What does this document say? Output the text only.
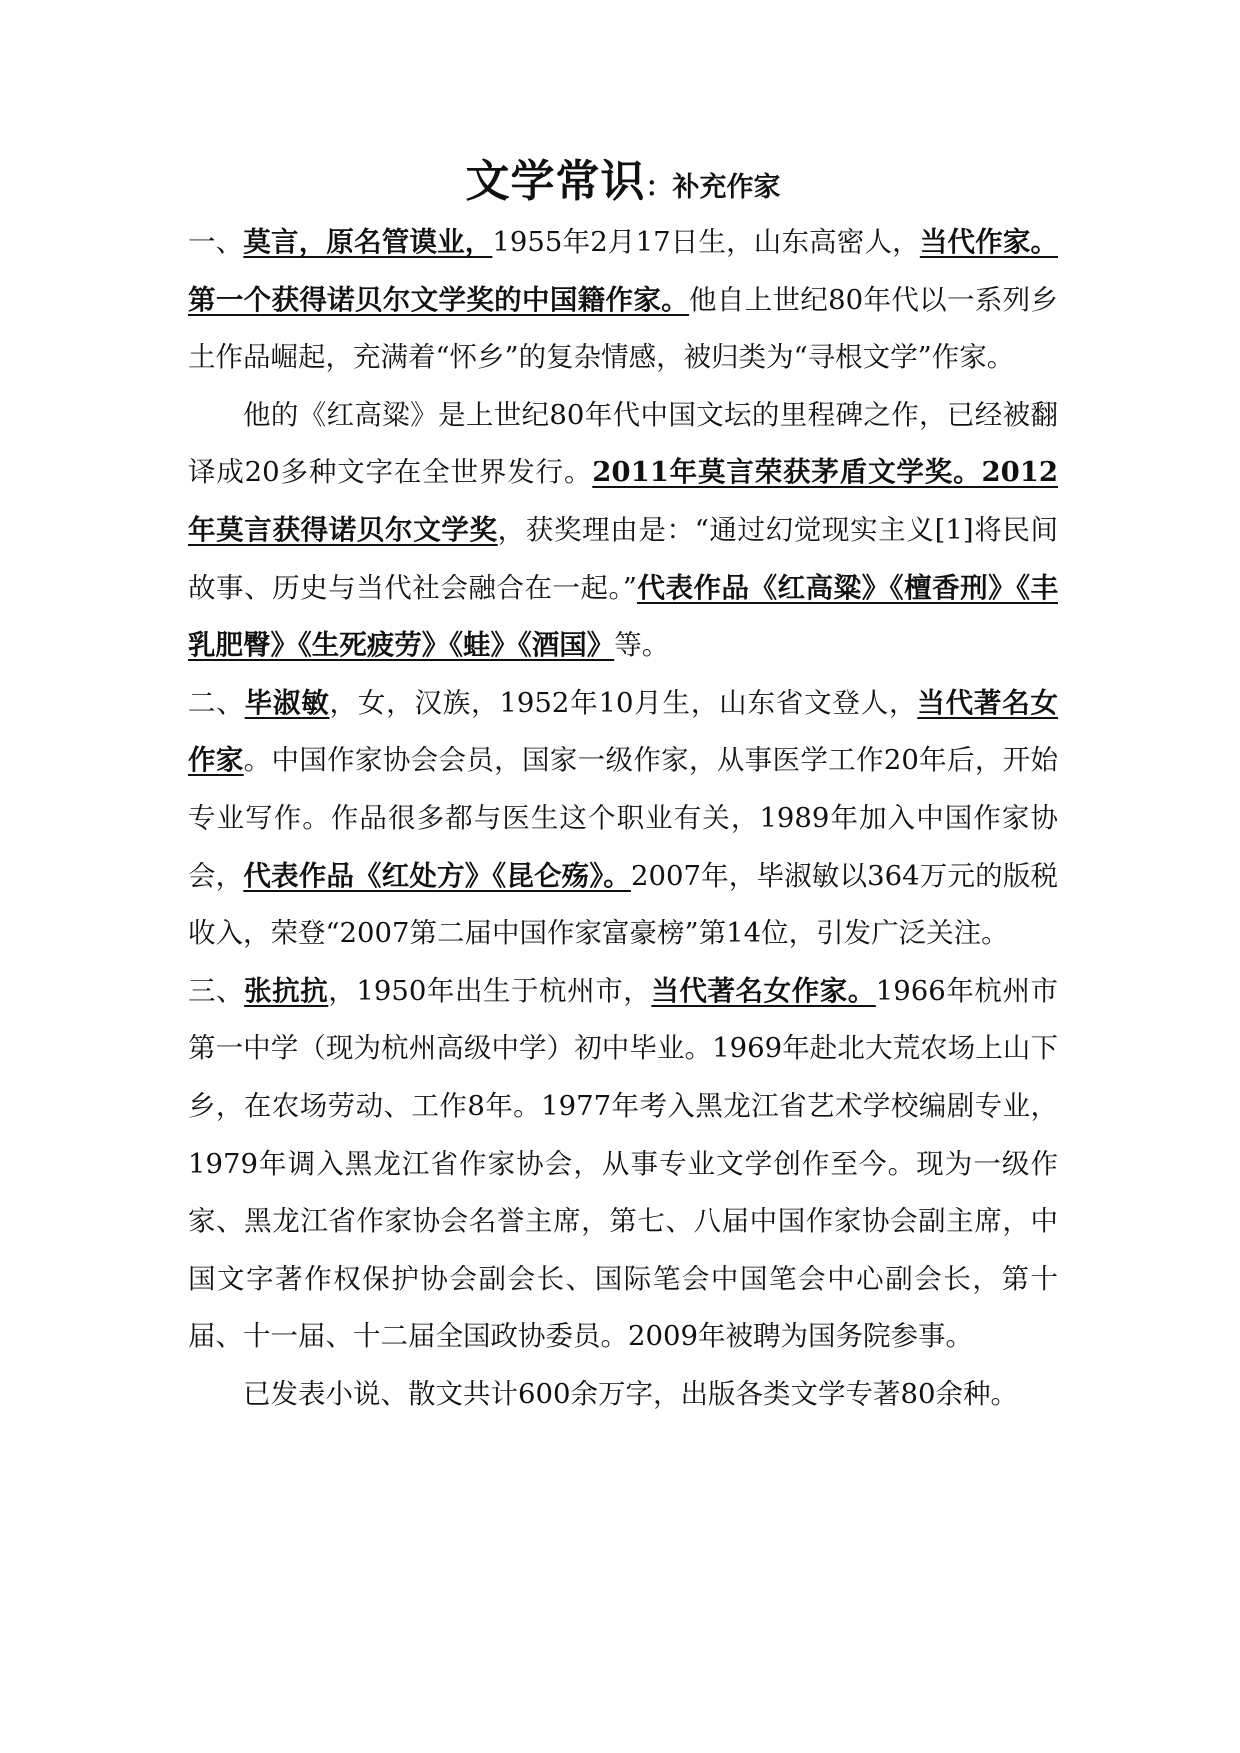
文学常识：补充作家

一、莫言，原名管谟业，1955年2月17日生，山东高密人，当代作家。第一个获得诺贝尔文学奖的中国籍作家。他自上世纪80年代以一系列乡土作品崛起，充满着“怀乡”的复杂情感，被归类为“寻根文学”作家。

他的《红高粱》是上世纪80年代中国文坛的里程碑之作，已经被翻译成20多种文字在全世界发行。2011年莫言荣获茅盾文学奖。2012年莫言获得诺贝尔文学奖，获奖理由是：“通过幻觉现实主义[1]将民间故事、历史与当代社会融合在一起。”代表作品《红高粱》《檀香刑》《丰乳肥臀》《生死疲劳》《蛙》《酒国》等。

二、毕淑敏，女，汉族，1952年10月生，山东省文登人，当代著名女作家。中国作家协会会员，国家一级作家，从事医学工作20年后，开始专业写作。作品很多都与医生这个职业有关，1989年加入中国作家协会，代表作品《红处方》《昆仑殇》。2007年，毕淑敏以364万元的版税收入，荣登“2007第二届中国作家富豪榜”第14位，引发广泛关注。

三、张抗抗，1950年出生于杭州市，当代著名女作家。1966年杭州市第一中学（现为杭州高级中学）初中毕业。1969年赴北大荒农场上山下乡，在农场劳动、工作8年。1977年考入黑龙江省艺术学校编剧专业，1979年调入黑龙江省作家协会，从事专业文学创作至今。现为一级作家、黑龙江省作家协会名誉主席，第七、八届中国作家协会副主席，中国文字著作权保护协会副会长、国际笔会中国笔会中心副会长，第十届、十一届、十二届全国政协委员。2009年被聘为国务院参事。

已发表小说、散文共计600余万字，出版各类文学专著80余种。
